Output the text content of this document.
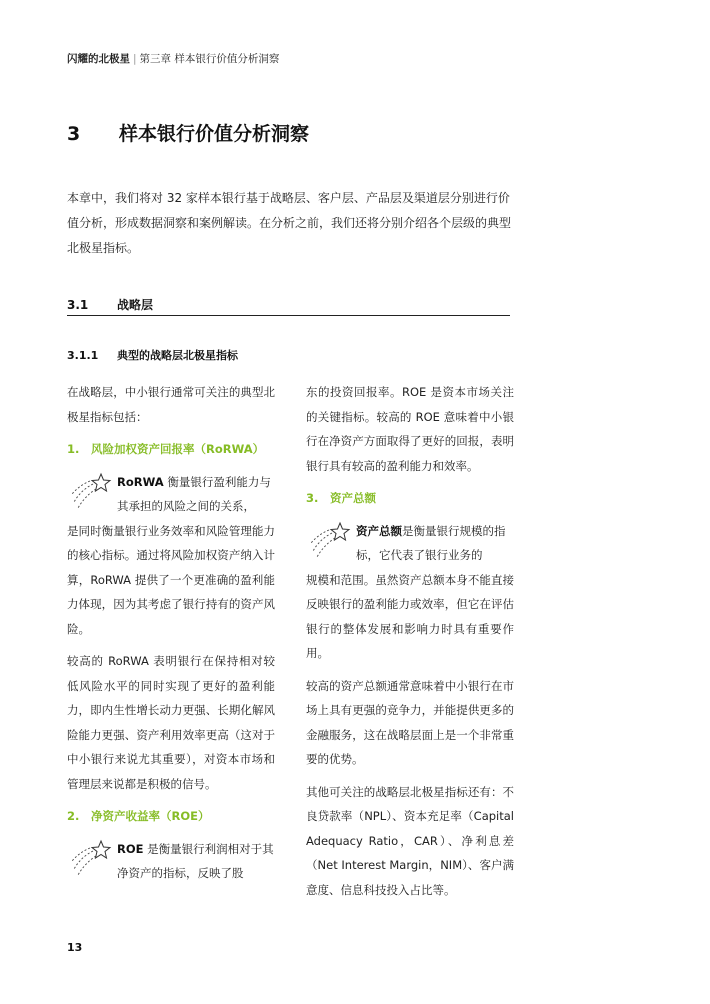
闪耀的北极星 | 第三章 样本银行价值分析洞察
3 样本银行价值分析洞察

本章中，我们将对 32 家样本银行基于战略层、客户层、产品层及渠道层分别进行价值分析，形成数据洞察和案例解读。在分析之前，我们还将分别介绍各个层级的典型北极星指标。

3.1 战略层
3.1.1 典型的战略层北极星指标

在战略层，中小银行通常可关注的典型北极星指标包括：

1. 风险加权资产回报率（RoRWA）
RoRWA 衡量银行盈利能力与其承担的风险之间的关系，

是同时衡量银行业务效率和风险管理能力的核心指标。通过将风险加权资产纳入计算，RoRWA 提供了一个更准确的盈利能力体现，因为其考虑了银行持有的资产风险。

较高的 RoRWA 表明银行在保持相对较低风险水平的同时实现了更好的盈利能力，即内生性增长动力更强、长期化解风险能力更强、资产利用效率更高（这对于中小银行来说尤其重要），对资本市场和管理层来说都是积极的信号。

2. 净资产收益率（ROE）
ROE 是衡量银行利润相对于其净资产的指标，反映了股

东的投资回报率。ROE 是资本市场关注的关键指标。较高的 ROE 意味着中小银行在净资产方面取得了更好的回报，表明银行具有较高的盈利能力和效率。

3. 资产总额
资产总额是衡量银行规模的指标，它代表了银行业务的

规模和范围。虽然资产总额本身不能直接反映银行的盈利能力或效率，但它在评估银行的整体发展和影响力时具有重要作用。

较高的资产总额通常意味着中小银行在市场上具有更强的竞争力，并能提供更多的金融服务，这在战略层面上是一个非常重要的优势。

其他可关注的战略层北极星指标还有：不良贷款率（NPL）、资本充足率（Capital Adequacy Ratio，CAR）、净利息差（Net Interest Margin，NIM）、客户满意度、信息科技投入占比等。

13
